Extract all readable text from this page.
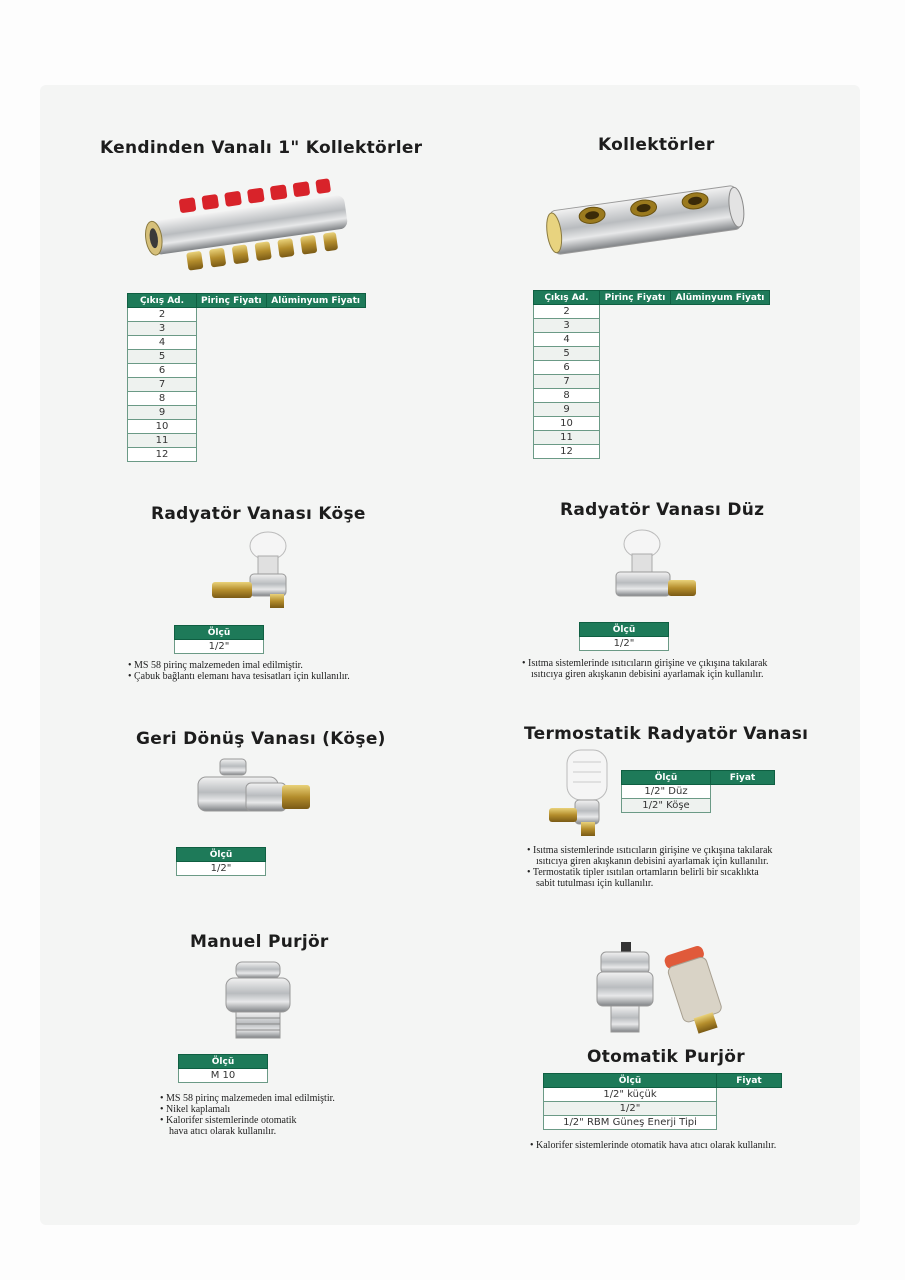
Kendinden Vanalı 1" Kollektörler
Çıkış Ad.	Pirinç Fiyatı	Alüminyum Fiyatı
2		
3		
4		
5		
6		
7		
8		
9		
10		
11		
12		
Kollektörler
Çıkış Ad.	Pirinç Fiyatı	Alüminyum Fiyatı
2		
3		
4		
5		
6		
7		
8		
9		
10		
11		
12		
Radyatör Vanası Köşe
Ölçü
1/2"
• MS 58 pirinç malzemeden imal edilmiştir.
• Çabuk bağlantı elemanı hava tesisatları için kullanılır.
Radyatör Vanası Düz
Ölçü
1/2"
• Isıtma sistemlerinde ısıtıcıların girişine ve çıkışına takılarak
ısıtıcıya giren akışkanın debisini ayarlamak için kullanılır.
Geri Dönüş Vanası (Köşe)
Ölçü
1/2"
Termostatik Radyatör Vanası
Ölçü	Fiyat
1/2" Düz	
1/2" Köşe	
• Isıtma sistemlerinde ısıtıcıların girişine ve çıkışına takılarak
ısıtıcıya giren akışkanın debisini ayarlamak için kullanılır.
• Termostatik tipler ısıtılan ortamların belirli bir sıcaklıkta
sabit tutulması için kullanılır.
Manuel Purjör
Ölçü
M 10
• MS 58 pirinç malzemeden imal edilmiştir.
• Nikel kaplamalı
• Kalorifer sistemlerinde otomatik
hava atıcı olarak kullanılır.
Otomatik Purjör
Ölçü	Fiyat
1/2" küçük	
1/2"	
1/2" RBM Güneş Enerji Tipi	
• Kalorifer sistemlerinde otomatik hava atıcı olarak kullanılır.
